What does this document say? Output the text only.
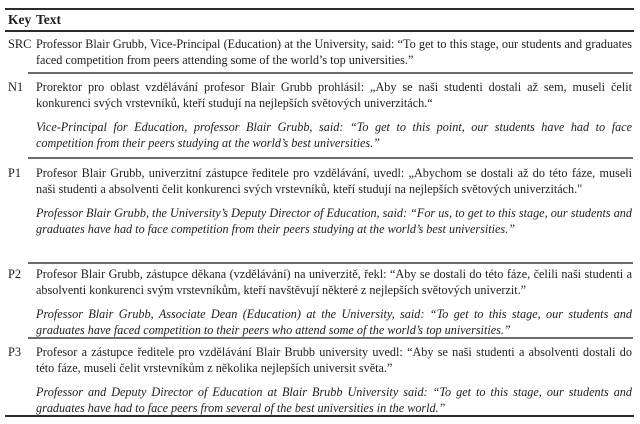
Key Text
SRC Professor Blair Grubb, Vice-Principal (Education) at the University, said: “To get to this stage, our students and graduates faced competition from peers attending some of the world’s top universities.”

N1	Prorektor pro oblast vzdělávání profesor Blair Grubb prohlásil: „Aby se naši studenti dostali až sem, museli čelit konkurenci svých vrstevníků, kteří studují na nejlepších světových univerzitách.“

Vice-Principal for Education, professor Blair Grubb, said: “To get to this point, our students have had to face competition from their peers studying at the world’s best universities.”

P1	Profesor Blair Grubb, univerzitní zástupce ředitele pro vzdělávání, uvedl: „Abychom se dostali až do této fáze, museli naši studenti a absolventi čelit konkurenci svých vrstevníků, kteří studují na nejlepších světových univerzitách."

Professor Blair Grubb, the University’s Deputy Director of Education, said: “For us, to get to this stage, our students and graduates have had to face competition from their peers studying at the world’s best universities.”

P2	Profesor Blair Grubb, zástupce děkana (vzdělávání) na univerzitě, řekl: “Aby se dostali do této fáze, čelili naši studenti a absolventi konkurenci svým vrstevníkům, kteří navštěvují některé z nejlepších světových univerzit.”

Professor Blair Grubb, Associate Dean (Education) at the University, said: “To get to this stage, our students and graduates have faced competition to their peers who attend some of the world’s top universities.”

P3	Profesor a zástupce ředitele pro vzdělávání Blair Brubb university uvedl: “Aby se naši studenti a absolventi dostali do této fáze, museli čelit vrstevníkům z několika nejlepších universit světa.”

Professor and Deputy Director of Education at Blair Brubb University said: “To get to this stage, our students and graduates have had to face peers from several of the best universities in the world.”
